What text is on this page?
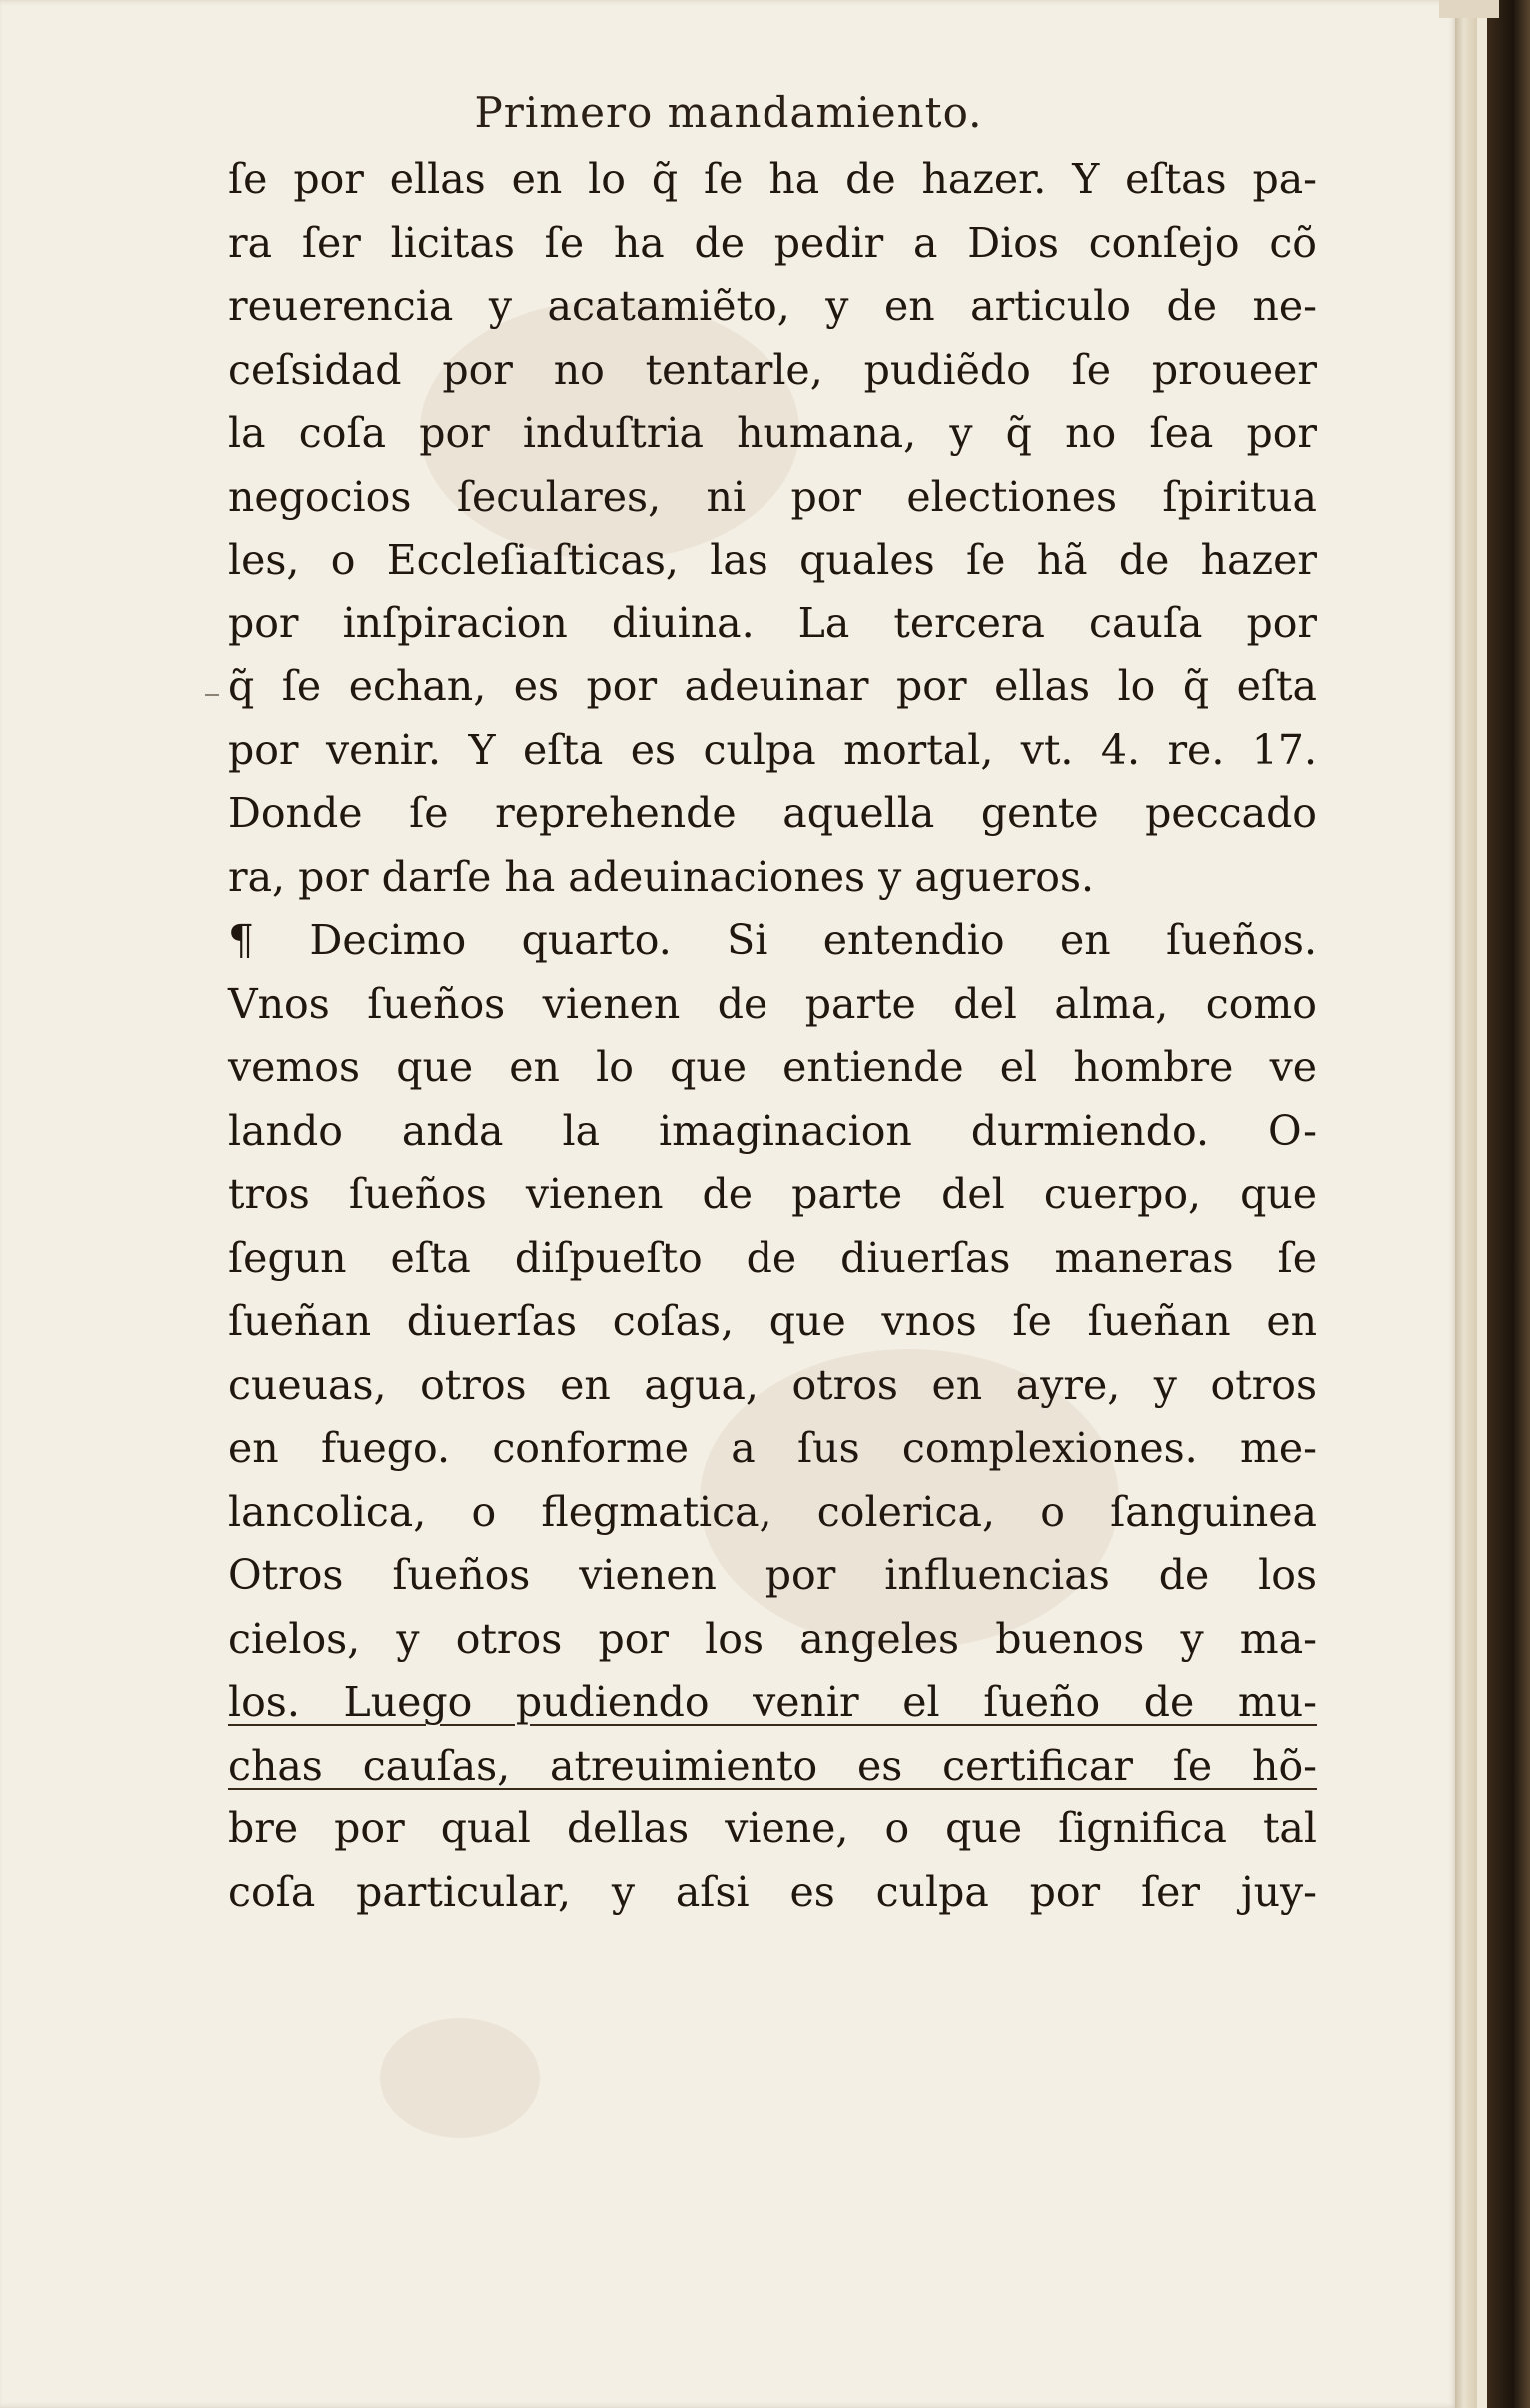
Primero mandamiento.
ſe por ellas en lo q̃ ſe ha de hazer. Y eſtas pa-
ra ſer licitas ſe ha de pedir a Dios conſejo cõ
reuerencia y acatamiẽto, y en articulo de ne-
ceſsidad por no tentarle, pudiẽdo ſe proueer
la coſa por induſtria humana, y q̃ no ſea por
negocios ſeculares, ni por electiones ſpiritua
les, o Eccleſiaſticas, las quales ſe hã de hazer
por inſpiracion diuina. La tercera cauſa por
q̃ ſe echan, es por adeuinar por ellas lo q̃ eſta
por venir. Y eſta es culpa mortal, vt. 4. re. 17.
Donde ſe reprehende aquella gente peccado
ra, por darſe ha adeuinaciones y agueros.
¶ Decimo quarto. Si entendio en ſueños.
Vnos ſueños vienen de parte del alma, como
vemos que en lo que entiende el hombre ve
lando anda la imaginacion durmiendo. O-
tros ſueños vienen de parte del cuerpo, que
ſegun eſta diſpueſto de diuerſas maneras ſe
ſueñan diuerſas coſas, que vnos ſe ſueñan en
cueuas, otros en agua, otros en ayre, y otros
en fuego. conforme a ſus complexiones. me-
lancolica, o flegmatica, colerica, o ſanguinea
Otros ſueños vienen por influencias de los
cielos, y otros por los angeles buenos y ma-
los. Luego pudiendo venir el ſueño de mu-
chas cauſas, atreuimiento es certificar ſe hõ-
bre por qual dellas viene, o que ſignifica tal
coſa particular, y aſsi es culpa por ſer juy-
